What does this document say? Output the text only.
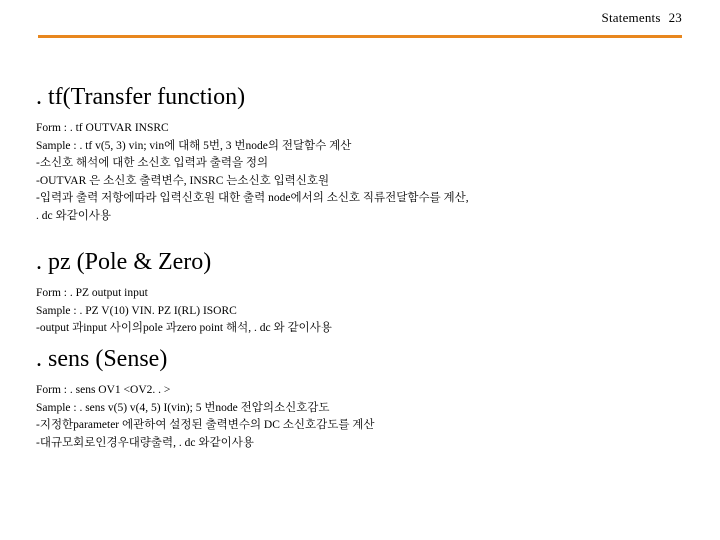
Statements 23
. tf(Transfer function)
Form : . tf OUTVAR INSRC
Sample : . tf v(5, 3) vin; vin에 대해 5번, 3 번node의 전달함수 계산
-소신호 해석에 대한 소신호 입력과 출력을 정의
-OUTVAR 은 소신호 출력변수, INSRC 는소신호 입력신호원
-입력과 출력 저항에따라 입력신호원 대한 출력 node에서의 소신호 직류전달함수를 계산,
. dc 와같이사용
. pz (Pole & Zero)
Form : . PZ output input
Sample : . PZ V(10) VIN. PZ I(RL) ISORC
-output 과input 사이의pole 과zero point 해석, . dc 와 같이사용
. sens (Sense)
Form : . sens OV1 <OV2. . >
Sample : . sens v(5) v(4, 5) I(vin); 5 번node 전압의소신호감도
-지정한parameter 에관하여 설정된 출력변수의 DC 소신호감도를 계산
-대규모회로인경우대량출력, . dc 와같이사용
